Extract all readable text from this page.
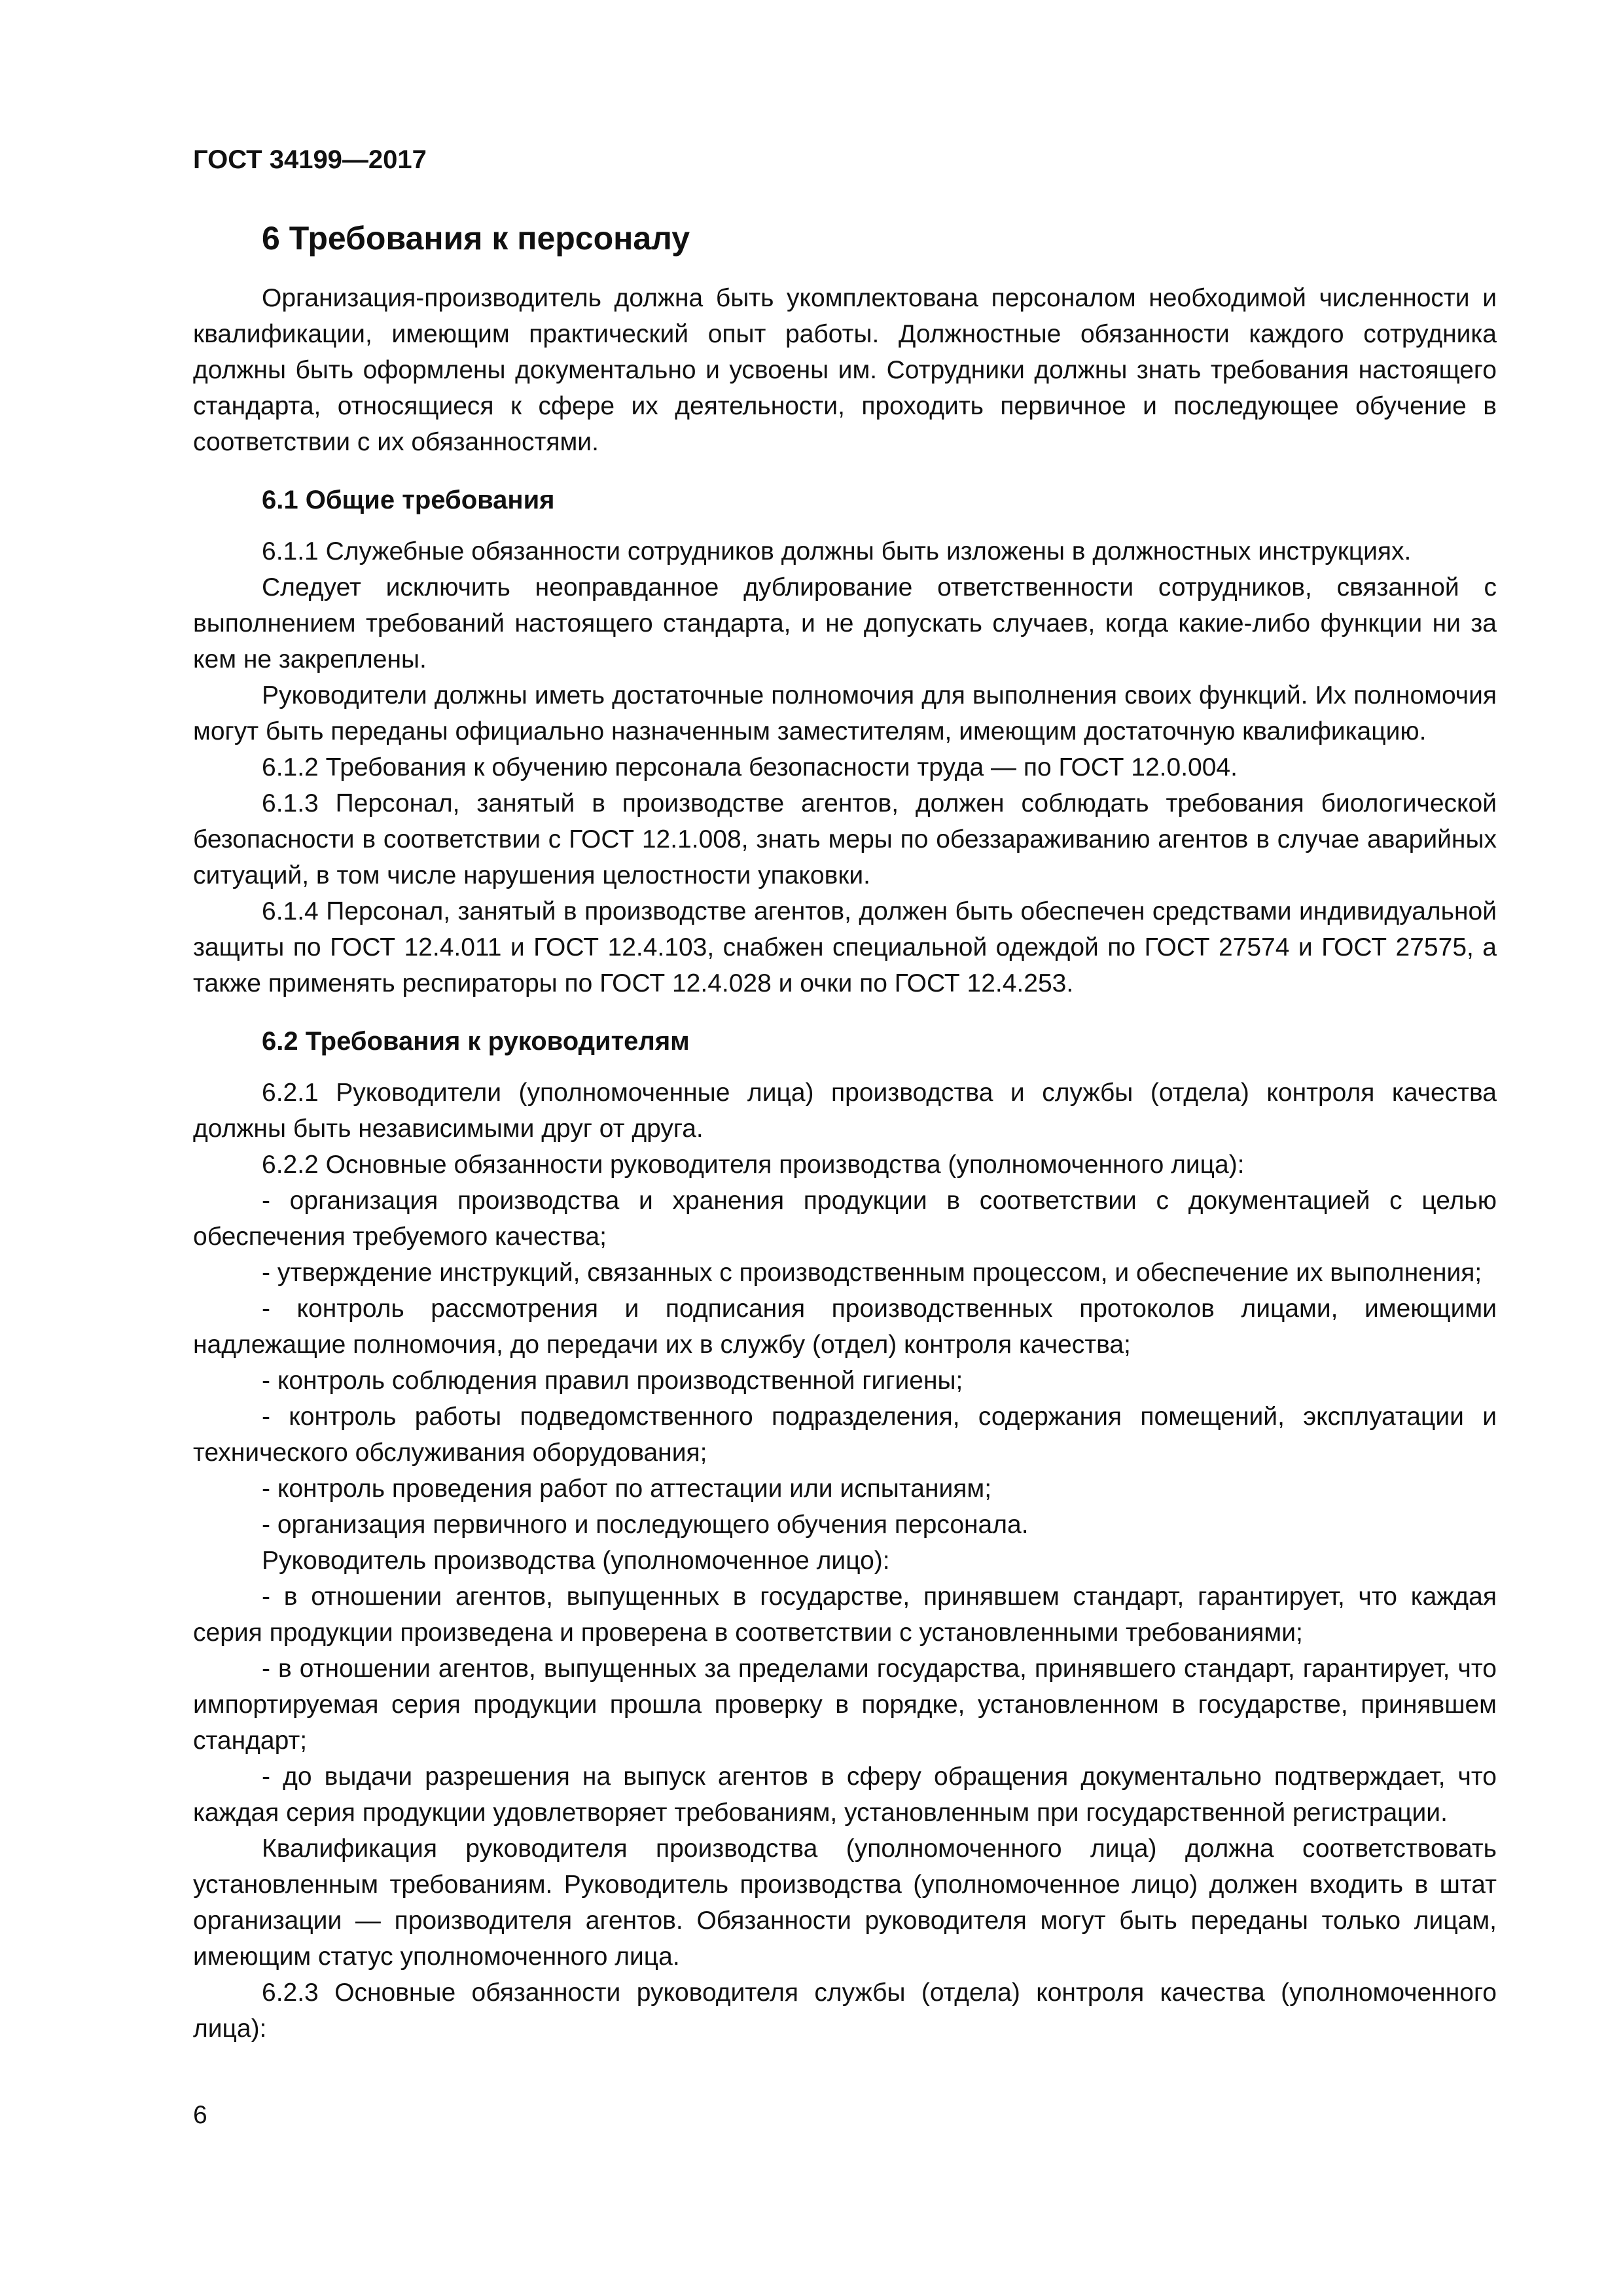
ГОСТ 34199—2017
6 Требования к персоналу

Организация-производитель должна быть укомплектована персоналом необходимой численности и квалификации, имеющим практический опыт работы. Должностные обязанности каждого сотрудника должны быть оформлены документально и усвоены им. Сотрудники должны знать требования настоящего стандарта, относящиеся к сфере их деятельности, проходить первичное и последующее обучение в соответствии с их обязанностями.

6.1 Общие требования

6.1.1 Служебные обязанности сотрудников должны быть изложены в должностных инструкциях.

Следует исключить неоправданное дублирование ответственности сотрудников, связанной с выполнением требований настоящего стандарта, и не допускать случаев, когда какие-либо функции ни за кем не закреплены.

Руководители должны иметь достаточные полномочия для выполнения своих функций. Их полномочия могут быть переданы официально назначенным заместителям, имеющим достаточную квалификацию.

6.1.2 Требования к обучению персонала безопасности труда — по ГОСТ 12.0.004.

6.1.3 Персонал, занятый в производстве агентов, должен соблюдать требования биологической безопасности в соответствии с ГОСТ 12.1.008, знать меры по обеззараживанию агентов в случае аварийных ситуаций, в том числе нарушения целостности упаковки.

6.1.4 Персонал, занятый в производстве агентов, должен быть обеспечен средствами индивидуальной защиты по ГОСТ 12.4.011 и ГОСТ 12.4.103, снабжен специальной одеждой по ГОСТ 27574 и ГОСТ 27575, а также применять респираторы по ГОСТ 12.4.028 и очки по ГОСТ 12.4.253.

6.2 Требования к руководителям

6.2.1 Руководители (уполномоченные лица) производства и службы (отдела) контроля качества должны быть независимыми друг от друга.

6.2.2 Основные обязанности руководителя производства (уполномоченного лица):

- организация производства и хранения продукции в соответствии с документацией с целью обеспечения требуемого качества;

- утверждение инструкций, связанных с производственным процессом, и обеспечение их выполнения;

- контроль рассмотрения и подписания производственных протоколов лицами, имеющими надлежащие полномочия, до передачи их в службу (отдел) контроля качества;

- контроль соблюдения правил производственной гигиены;

- контроль работы подведомственного подразделения, содержания помещений, эксплуатации и технического обслуживания оборудования;

- контроль проведения работ по аттестации или испытаниям;

- организация первичного и последующего обучения персонала.

Руководитель производства (уполномоченное лицо):

- в отношении агентов, выпущенных в государстве, принявшем стандарт, гарантирует, что каждая серия продукции произведена и проверена в соответствии с установленными требованиями;

- в отношении агентов, выпущенных за пределами государства, принявшего стандарт, гарантирует, что импортируемая серия продукции прошла проверку в порядке, установленном в государстве, принявшем стандарт;

- до выдачи разрешения на выпуск агентов в сферу обращения документально подтверждает, что каждая серия продукции удовлетворяет требованиям, установленным при государственной регистрации.

Квалификация руководителя производства (уполномоченного лица) должна соответствовать установленным требованиям. Руководитель производства (уполномоченное лицо) должен входить в штат организации — производителя агентов. Обязанности руководителя могут быть переданы только лицам, имеющим статус уполномоченного лица.

6.2.3 Основные обязанности руководителя службы (отдела) контроля качества (уполномоченного лица):

6
